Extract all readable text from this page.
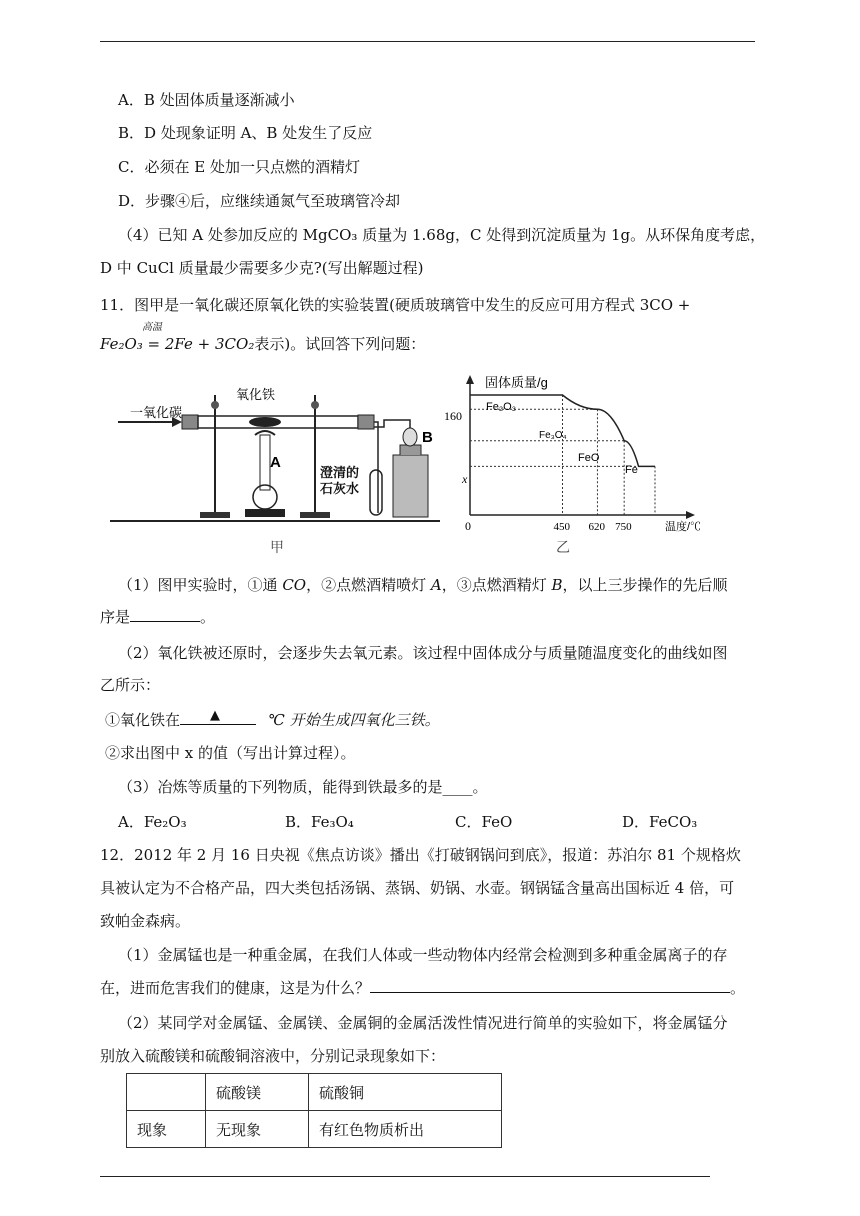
A．B 处固体质量逐渐减小
B．D 处现象证明 A、B 处发生了反应
C．必须在 E 处加一只点燃的酒精灯
D．步骤④后，应继续通氮气至玻璃管冷却
（4）已知 A 处参加反应的 MgCO₃ 质量为 1.68g，C 处得到沉淀质量为 1g。从环保角度考虑，
D 中 CuCl 质量最少需要多少克?(写出解题过程)
11．图甲是一氧化碳还原氧化铁的实验装置(硬质玻璃管中发生的反应可用方程式 3CO +
高温
Fe₂O₃ = 2Fe + 3CO₂表示)。试回答下列问题：
一氧化碳
氧化铁
A
B
澄清的石灰水
甲
固体质量/g
温度/℃
160
x
0	450 620 750
Fe₂O₃
Fe₃O₄
FeO
Fe
乙
（1）图甲实验时，①通 CO，②点燃酒精喷灯 A，③点燃酒精灯 B，以上三步操作的先后顺
序是	。
（2）氧化铁被还原时，会逐步失去氧元素。该过程中固体成分与质量随温度变化的曲线如图
乙所示：
①氧化铁在 ▲	℃ 开始生成四氧化三铁。
②求出图中 x 的值（写出计算过程）。
（3）冶炼等质量的下列物质，能得到铁最多的是____。
A．Fe₂O₃	B．Fe₃O₄	C．FeO	D．FeCO₃
12．2012 年 2 月 16 日央视《焦点访谈》播出《打破钢锅问到底》，报道：苏泊尔 81 个规格炊
具被认定为不合格产品，四大类包括汤锅、蒸锅、奶锅、水壶。钢锅锰含量高出国标近 4 倍，可
致帕金森病。
（1）金属锰也是一种重金属，在我们人体或一些动物体内经常会检测到多种重金属离子的存
在，进而危害我们的健康，这是为什么？	。
（2）某同学对金属锰、金属镁、金属铜的金属活泼性情况进行简单的实验如下，将金属锰分
别放入硫酸镁和硫酸铜溶液中，分别记录现象如下：
	硫酸镁	硫酸铜
现象	无现象	有红色物质析出
